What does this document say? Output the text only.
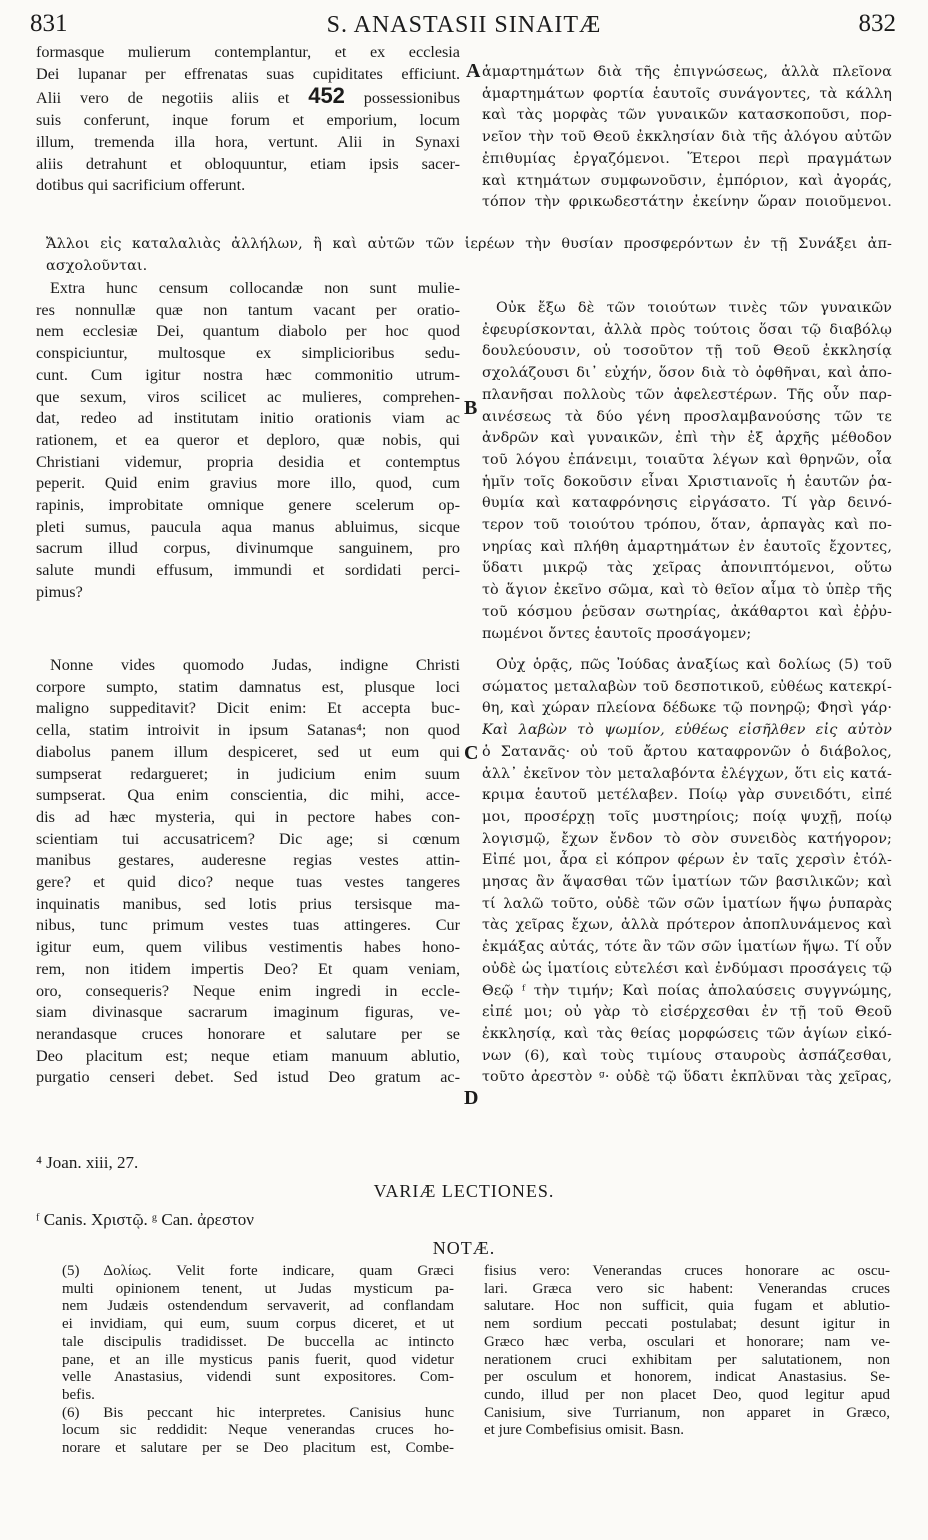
831	S. ANASTASII SINAITÆ	832
formasque mulierum contemplantur, et ex ecclesia
Dei lupanar per effrenatas suas cupiditates efficiunt.
Alii vero de negotiis aliis et 452 possessionibus
suis conferunt, inque forum et emporium, locum
illum, tremenda illa hora, vertunt. Alii in Synaxi
aliis detrahunt et obloquuntur, etiam ipsis sacer-
dotibus qui sacrificium offerunt.
A ἁμαρτημάτων διὰ τῆς ἐπιγνώσεως, ἀλλὰ πλεῖονα
ἁμαρτημάτων φορτία ἑαυτοῖς συνάγοντες, τὰ κάλλη
καὶ τὰς μορφὰς τῶν γυναικῶν κατασκοποῦσι, πορ-
νεῖον τὴν τοῦ Θεοῦ ἐκκλησίαν διὰ τῆς ἀλόγου αὐτῶν
ἐπιθυμίας ἐργαζόμενοι. Ἕτεροι περὶ πραγμάτων
καὶ κτημάτων συμφωνοῦσιν, ἐμπόριον, καὶ ἀγοράς,
τόπον τὴν φρικωδεστάτην ἐκείνην ὥραν ποιοῦμενοι.
Ἄλλοι εἰς καταλαλιὰς ἀλλήλων, ἢ καὶ αὐτῶν τῶν ἱερέων τὴν θυσίαν προσφερόντων ἐν τῇ Συνάξει ἀπ-
ασχολοῦνται.
Extra hunc censum collocandæ non sunt mulie-
res nonnullæ quæ non tantum vacant per oratio-
nem ecclesiæ Dei, quantum diabolo per hoc quod
conspiciuntur, multosque ex simplicioribus sedu-
cunt. Cum igitur nostra hæc commonitio utrum-
que sexum, viros scilicet ac mulieres, comprehen-
dat, redeo ad institutam initio orationis viam ac
rationem, et ea queror et deploro, quæ nobis, qui
Christiani videmur, propria desidia et contemptus
peperit. Quid enim gravius more illo, quod, cum
rapinis, improbitate omnique genere scelerum op-
pleti sumus, paucula aqua manus abluimus, sicque
sacrum illud corpus, divinumque sanguinem, pro
salute mundi effusum, immundi et sordidati perci-
pimus?
B
Οὐκ ἔξω δὲ τῶν τοιούτων τινὲς τῶν γυναικῶν
ἐφευρίσκονται, ἀλλὰ πρὸς τούτοις ὅσαι τῷ διαβόλῳ
δουλεύουσιν, οὐ τοσοῦτον τῇ τοῦ Θεοῦ ἐκκλησίᾳ
σχολάζουσι δι᾽ εὐχήν, ὅσον διὰ τὸ ὀφθῆναι, καὶ ἀπο-
πλανῆσαι πολλοὺς τῶν ἀφελεστέρων. Τῆς οὖν παρ-
αινέσεως τὰ δύο γένη προσλαμβανούσης τῶν τε
ἀνδρῶν καὶ γυναικῶν, ἐπὶ τὴν ἐξ ἀρχῆς μέθοδον
τοῦ λόγου ἐπάνειμι, τοιαῦτα λέγων καὶ θρηνῶν, οἷα
ἡμῖν τοῖς δοκοῦσιν εἶναι Χριστιανοῖς ἡ ἑαυτῶν ῥα-
θυμία καὶ καταφρόνησις εἰργάσατο. Τί γὰρ δεινό-
τερον τοῦ τοιούτου τρόπου, ὅταν, ἁρπαγὰς καὶ πο-
νηρίας καὶ πλήθη ἁμαρτημάτων ἐν ἑαυτοῖς ἔχοντες,
ὕδατι μικρῷ τὰς χεῖρας ἀπονιπτόμενοι, οὕτω
τὸ ἅγιον ἐκεῖνο σῶμα, καὶ τὸ θεῖον αἷμα τὸ ὑπὲρ τῆς
τοῦ κόσμου ῥεῦσαν σωτηρίας, ἀκάθαρτοι καὶ ἐῤῥυ-
πωμένοι ὄντες ἑαυτοῖς προσάγομεν;
Nonne vides quomodo Judas, indigne Christi
corpore sumpto, statim damnatus est, plusque loci
maligno suppeditavit? Dicit enim: Et accepta buc-
cella, statim introivit in ipsum Satanas⁴; non quod
diabolus panem illum despiceret, sed ut eum qui
sumpserat redargueret; in judicium enim suum
sumpserat. Qua enim conscientia, dic mihi, acce-
dis ad hæc mysteria, qui in pectore habes con-
scientiam tui accusatricem? Dic age; si cœnum
manibus gestares, auderesne regias vestes attin-
gere? et quid dico? neque tuas vestes tangeres
inquinatis manibus, sed lotis prius tersisque ma-
nibus, tunc primum vestes tuas attingeres. Cur
igitur eum, quem vilibus vestimentis habes hono-
rem, non itidem impertis Deo? Et quam veniam,
oro, consequeris? Neque enim ingredi in eccle-
siam divinasque sacrarum imaginum figuras, ve-
nerandasque cruces honorare et salutare per se
Deo placitum est; neque etiam manuum ablutio,
purgatio censeri debet. Sed istud Deo gratum ac-
C
D
Οὐχ ὁρᾷς, πῶς Ἰούδας ἀναξίως καὶ δολίως (5) τοῦ
σώματος μεταλαβὼν τοῦ δεσποτικοῦ, εὐθέως κατεκρί-
θη, καὶ χώραν πλείονα δέδωκε τῷ πονηρῷ; Φησὶ γάρ·
Καὶ λαβὼν τὸ ψωμίον, εὐθέως εἰσῆλθεν εἰς αὐτὸν
ὁ Σατανᾶς· οὐ τοῦ ἄρτου καταφρονῶν ὁ διάβολος,
ἀλλ᾽ ἐκεῖνον τὸν μεταλαβόντα ἐλέγχων, ὅτι εἰς κατά-
κριμα ἑαυτοῦ μετέλαβεν. Ποίῳ γὰρ συνειδότι, εἰπέ
μοι, προσέρχῃ τοῖς μυστηρίοις; ποίᾳ ψυχῇ, ποίῳ
λογισμῷ, ἔχων ἔνδον τὸ σὸν συνειδὸς κατήγορον;
Εἰπέ μοι, ἆρα εἰ κόπρον φέρων ἐν ταῖς χερσὶν ἐτόλ-
μησας ἂν ἅψασθαι τῶν ἱματίων τῶν βασιλικῶν; καὶ
τί λαλῶ τοῦτο, οὐδὲ τῶν σῶν ἱματίων ἥψω ῥυπαρὰς
τὰς χεῖρας ἔχων, ἀλλὰ πρότερον ἀποπλυνάμενος καὶ
ἐκμάξας αὐτάς, τότε ἂν τῶν σῶν ἱματίων ἥψω. Τί οὖν
οὐδὲ ὡς ἱματίοις εὐτελέσι καὶ ἐνδύμασι προσάγεις τῷ
Θεῷ ᶠ τὴν τιμήν; Καὶ ποίας ἀπολαύσεις συγγνώμης,
εἰπέ μοι; οὐ γὰρ τὸ εἰσέρχεσθαι ἐν τῇ τοῦ Θεοῦ
ἐκκλησίᾳ, καὶ τὰς θείας μορφώσεις τῶν ἁγίων εἰκό-
νων (6), καὶ τοὺς τιμίους σταυροὺς ἀσπάζεσθαι,
τοῦτο ἀρεστὸν ᵍ· οὐδὲ τῷ ὕδατι ἐκπλῦναι τὰς χεῖρας,
⁴ Joan. xiii, 27.
VARIÆ LECTIONES.
ᶠ Canis. Χριστῷ. ᵍ Can. ἀρεστον
NOTÆ.
(5) Δολίως. Velit forte indicare, quam Græci
multi opinionem tenent, ut Judas mysticum pa-
nem Judæis ostendendum servaverit, ad conflandam
ei invidiam, qui eum, suum corpus diceret, et ut
tale discipulis tradidisset. De buccella ac intincto
pane, et an ille mysticus panis fuerit, quod videtur
velle Anastasius, videndi sunt expositores. Com-
befis.
(6) Bis peccant hic interpretes. Canisius hunc
locum sic reddidit: Neque venerandas cruces ho-
norare et salutare per se Deo placitum est, Combe-
fisius vero: Venerandas cruces honorare ac oscu-
lari. Græca vero sic habent: Venerandas cruces
salutare. Hoc non sufficit, quia fugam et ablutio-
nem sordium peccati postulabat; desunt igitur in
Græco hæc verba, osculari et honorare; nam ve-
nerationem cruci exhibitam per salutationem, non
per osculum et honorem, indicat Anastasius. Se-
cundo, illud per non placet Deo, quod legitur apud
Canisium, sive Turrianum, non apparet in Græco,
et jure Combefisius omisit. Basn.
